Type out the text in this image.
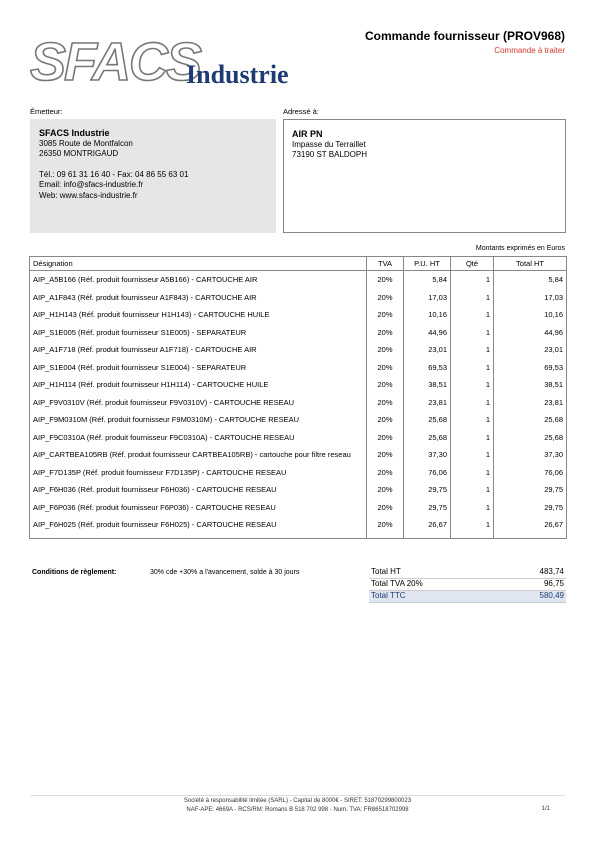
SFACS
Industrie
Commande fournisseur (PROV968)
Commande à traiter
Émetteur:	Adressé à:
SFACS Industrie
3085 Route de Montfalcon
26350 MONTRIGAUD
Tél.: 09 61 31 16 40 - Fax: 04 86 55 63 01
Email: info@sfacs-industrie.fr
Web: www.sfacs-industrie.fr
AIR PN
Impasse du Terraillet
73190 ST BALDOPH
Montants exprimés en Euros
Désignation	TVA	P.U. HT	Qté	Total HT
AIP_A5B166 (Réf. produit fournisseur A5B166) - CARTOUCHE AIR	20%	5,84	1	5,84
AIP_A1F843 (Réf. produit fournisseur A1F843) - CARTOUCHE AIR	20%	17,03	1	17,03
AIP_H1H143 (Réf. produit fournisseur H1H143) - CARTOUCHE HUILE	20%	10,16	1	10,16
AIP_S1E005 (Réf. produit fournisseur S1E005) - SEPARATEUR	20%	44,96	1	44,96
AIP_A1F718 (Réf. produit fournisseur A1F718) - CARTOUCHE AIR	20%	23,01	1	23,01
AIP_S1E004 (Réf. produit fournisseur S1E004) - SEPARATEUR	20%	69,53	1	69,53
AIP_H1H114 (Réf. produit fournisseur H1H114) - CARTOUCHE HUILE	20%	38,51	1	38,51
AIP_F9V0310V (Réf. produit fournisseur F9V0310V) - CARTOUCHE RESEAU	20%	23,81	1	23,81
AIP_F9M0310M (Réf. produit fournisseur F9M0310M) - CARTOUCHE RESEAU	20%	25,68	1	25,68
AIP_F9C0310A (Réf. produit fournisseur F9C0310A) - CARTOUCHE RESEAU	20%	25,68	1	25,68
AIP_CARTBEA105RB (Réf. produit fournisseur CARTBEA105RB) - cartouche pour filtre reseau	20%	37,30	1	37,30
AIP_F7D135P (Réf. produit fournisseur F7D135P) - CARTOUCHE RESEAU	20%	76,06	1	76,06
AIP_F6H036 (Réf. produit fournisseur F6H036) - CARTOUCHE RESEAU	20%	29,75	1	29,75
AIP_F6P036 (Réf. produit fournisseur F6P036) - CARTOUCHE RESEAU	20%	29,75	1	29,75
AIP_F6H025 (Réf. produit fournisseur F6H025) - CARTOUCHE RESEAU	20%	26,67	1	26,67
Conditions de règlement:	30% cde +30% a l'avancement, solde à 30 jours	Total HT	483,74
Total TVA 20%	96,75
Total TTC	580,49
Société à responsabilité limitée (SARL) - Capital de 8000€ - SIRET: 51870299800023
NAF-APE: 4669A - RCS/RM: Romans B 518 702 998 - Num. TVA: FR86518702998	1/1
